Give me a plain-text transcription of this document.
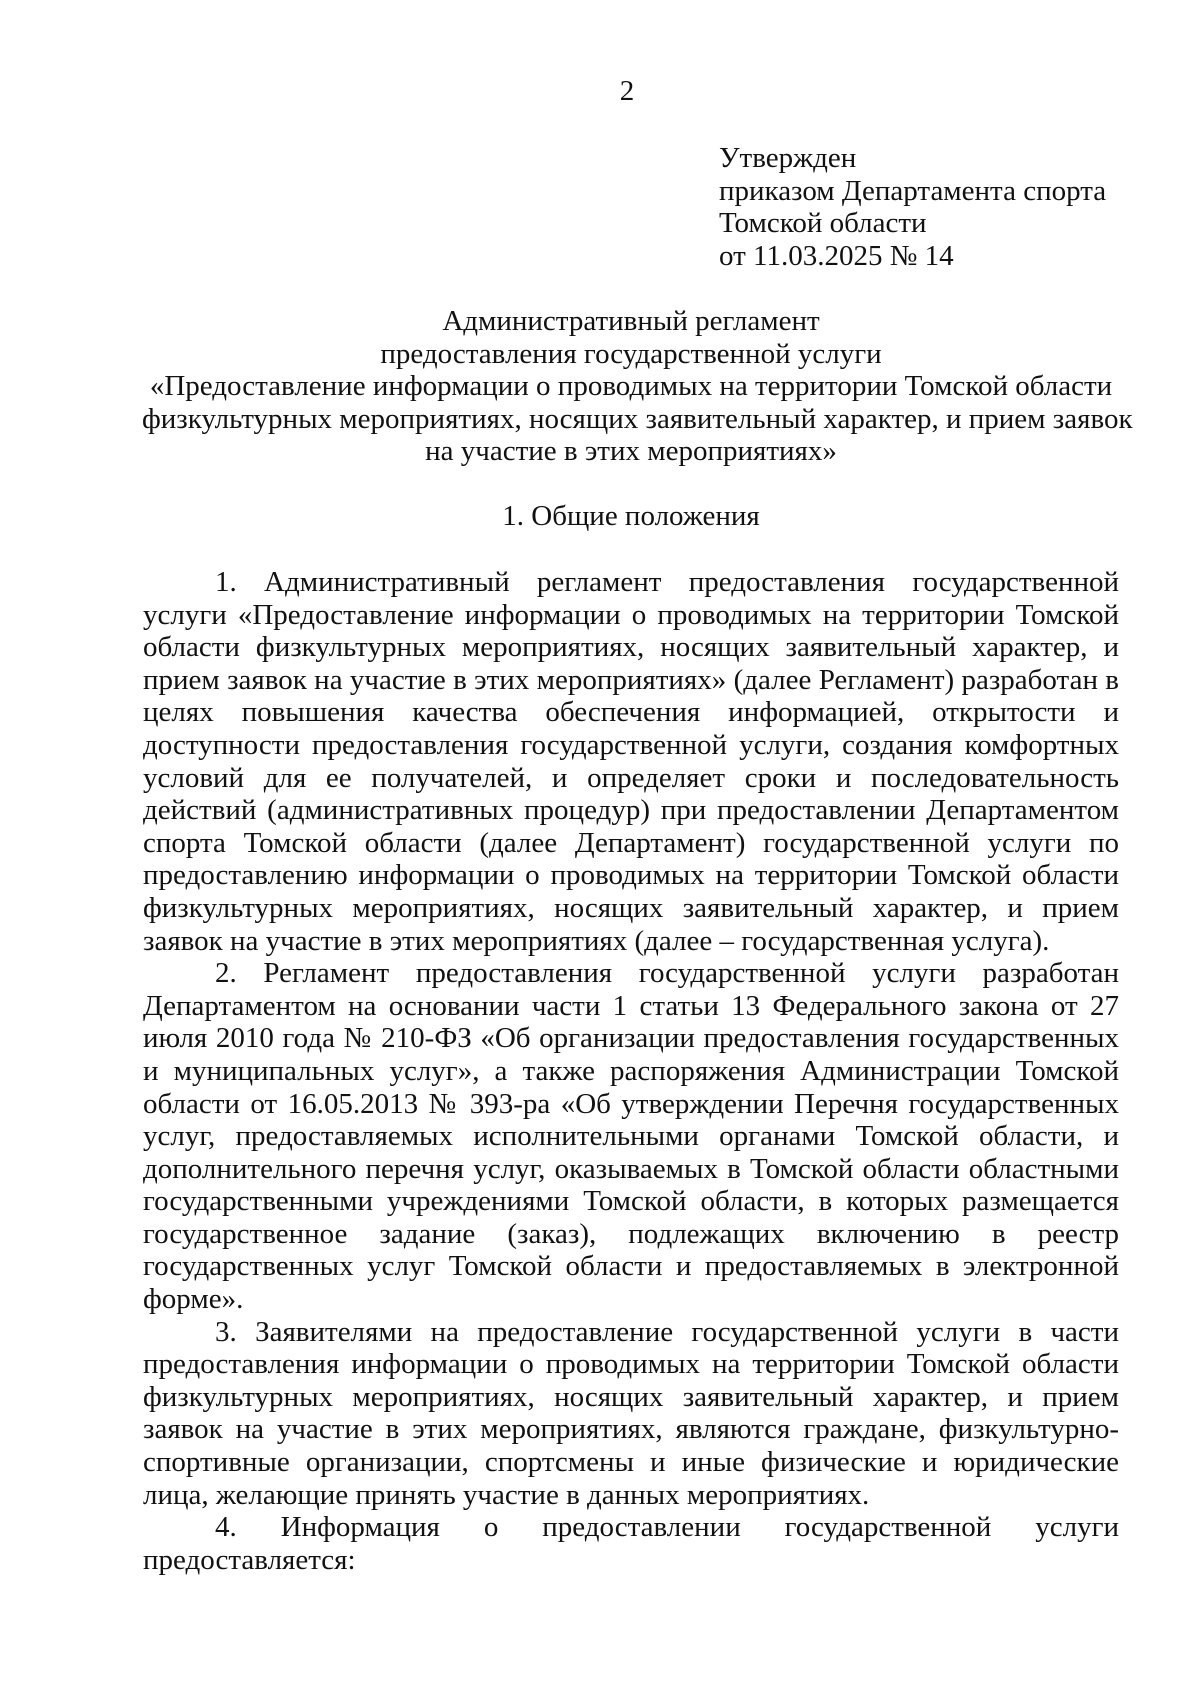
2
Утвержден
приказом Департамента спорта
Томской области
от 11.03.2025 № 14
Административный регламент
предоставления государственной услуги
«Предоставление информации о проводимых на территории Томской области
физкультурных мероприятиях, носящих заявительный характер, и прием заявок
на участие в этих мероприятиях»
1. Общие положения

1. Административный регламент предоставления государственной услуги «Предоставление информации о проводимых на территории Томской области физкультурных мероприятиях, носящих заявительный характер, и прием заявок на участие в этих мероприятиях» (далее Регламент) разработан в целях повышения качества обеспечения информацией, открытости и доступности предоставления государственной услуги, создания комфортных условий для ее получателей, и определяет сроки и последовательность действий (административных процедур) при предоставлении Департаментом спорта Томской области (далее Департамент) государственной услуги по предоставлению информации о проводимых на территории Томской области физкультурных мероприятиях, носящих заявительный характер, и прием заявок на участие в этих мероприятиях (далее – государственная услуга).

2. Регламент предоставления государственной услуги разработан Департаментом на основании части 1 статьи 13 Федерального закона от 27 июля 2010 года № 210-ФЗ «Об организации предоставления государственных и муниципальных услуг», а также распоряжения Администрации Томской области от 16.05.2013 № 393-ра «Об утверждении Перечня государственных услуг, предоставляемых исполнительными органами Томской области, и дополнительного перечня услуг, оказываемых в Томской области областными государственными учреждениями Томской области, в которых размещается государственное задание (заказ), подлежащих включению в реестр государственных услуг Томской области и предоставляемых в электронной форме».

3. Заявителями на предоставление государственной услуги в части предоставления информации о проводимых на территории Томской области физкультурных мероприятиях, носящих заявительный характер, и прием заявок на участие в этих мероприятиях, являются граждане, физкультурно-спортивные организации, спортсмены и иные физические и юридические лица, желающие принять участие в данных мероприятиях.

4. Информация о предоставлении государственной услуги предоставляется:
